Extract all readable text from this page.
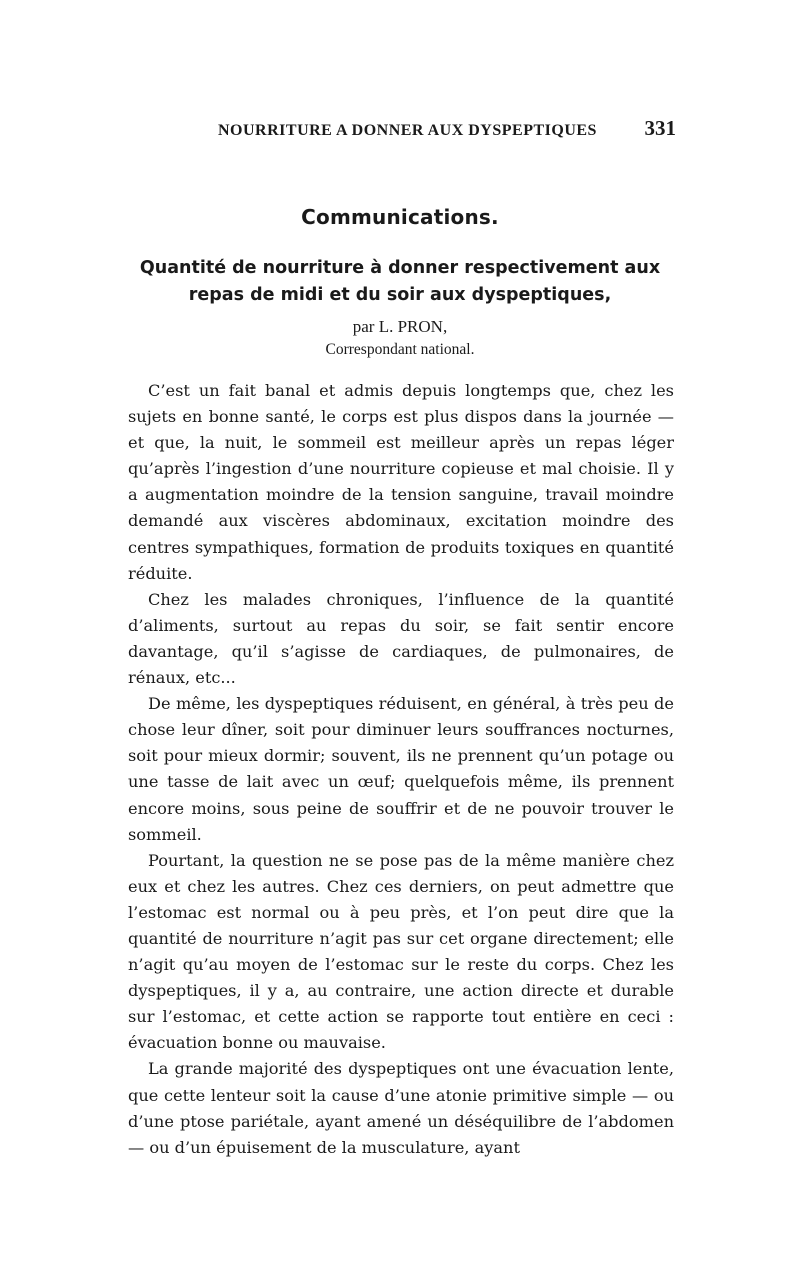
NOURRITURE A DONNER AUX DYSPEPTIQUES 331
Communications.
Quantité de nourriture à donner respectivement aux repas de midi et du soir aux dyspeptiques,
par L. PRON,
Correspondant national.

C’est un fait banal et admis depuis longtemps que, chez les sujets en bonne santé, le corps est plus dispos dans la journée — et que, la nuit, le sommeil est meilleur après un repas léger qu’après l’ingestion d’une nourriture copieuse et mal choisie. Il y a augmentation moindre de la tension sanguine, travail moindre demandé aux viscères abdominaux, excitation moindre des centres sympathiques, formation de produits toxiques en quantité réduite.

Chez les malades chroniques, l’influence de la quantité d’aliments, surtout au repas du soir, se fait sentir encore davantage, qu’il s’agisse de cardiaques, de pulmonaires, de rénaux, etc...

De même, les dyspeptiques réduisent, en général, à très peu de chose leur dîner, soit pour diminuer leurs souffrances nocturnes, soit pour mieux dormir; souvent, ils ne prennent qu’un potage ou une tasse de lait avec un œuf; quelquefois même, ils prennent encore moins, sous peine de souffrir et de ne pouvoir trouver le sommeil.

Pourtant, la question ne se pose pas de la même manière chez eux et chez les autres. Chez ces derniers, on peut admettre que l’estomac est normal ou à peu près, et l’on peut dire que la quantité de nourriture n’agit pas sur cet organe directement; elle n’agit qu’au moyen de l’estomac sur le reste du corps. Chez les dyspeptiques, il y a, au contraire, une action directe et durable sur l’estomac, et cette action se rapporte tout entière en ceci : évacuation bonne ou mauvaise.

La grande majorité des dyspeptiques ont une évacuation lente, que cette lenteur soit la cause d’une atonie primitive simple — ou d’une ptose pariétale, ayant amené un déséquilibre de l’abdomen — ou d’un épuisement de la musculature, ayant
